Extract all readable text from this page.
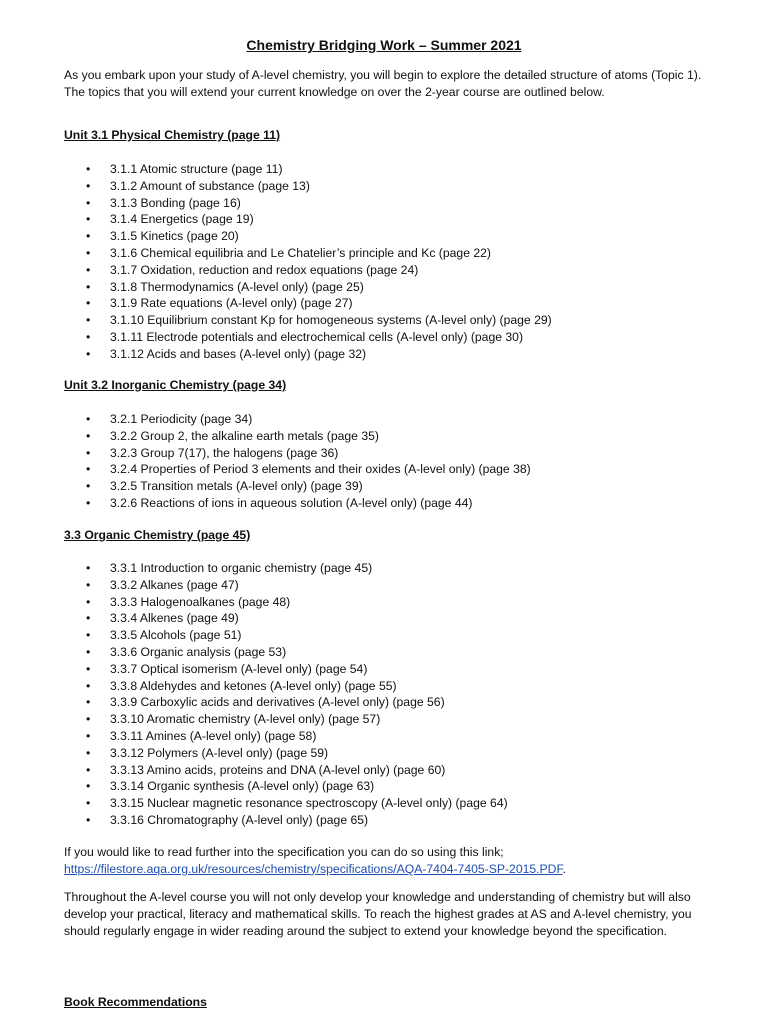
Chemistry Bridging Work – Summer 2021

As you embark upon your study of A-level chemistry, you will begin to explore the detailed structure of atoms (Topic 1). The topics that you will extend your current knowledge on over the 2-year course are outlined below.

Unit 3.1 Physical Chemistry (page 11)

• 3.1.1 Atomic structure (page 11)
• 3.1.2 Amount of substance (page 13)
• 3.1.3 Bonding (page 16)
• 3.1.4 Energetics (page 19)
• 3.1.5 Kinetics (page 20)
• 3.1.6 Chemical equilibria and Le Chatelier’s principle and Kc (page 22)
• 3.1.7 Oxidation, reduction and redox equations (page 24)
• 3.1.8 Thermodynamics (A-level only) (page 25)
• 3.1.9 Rate equations (A-level only) (page 27)
• 3.1.10 Equilibrium constant Kp for homogeneous systems (A-level only) (page 29)
• 3.1.11 Electrode potentials and electrochemical cells (A-level only) (page 30)
• 3.1.12 Acids and bases (A-level only) (page 32)

Unit 3.2 Inorganic Chemistry (page 34)

• 3.2.1 Periodicity (page 34)
• 3.2.2 Group 2, the alkaline earth metals (page 35)
• 3.2.3 Group 7(17), the halogens (page 36)
• 3.2.4 Properties of Period 3 elements and their oxides (A-level only) (page 38)
• 3.2.5 Transition metals (A-level only) (page 39)
• 3.2.6 Reactions of ions in aqueous solution (A-level only) (page 44)

3.3 Organic Chemistry (page 45)

• 3.3.1 Introduction to organic chemistry (page 45)
• 3.3.2 Alkanes (page 47)
• 3.3.3 Halogenoalkanes (page 48)
• 3.3.4 Alkenes (page 49)
• 3.3.5 Alcohols (page 51)
• 3.3.6 Organic analysis (page 53)
• 3.3.7 Optical isomerism (A-level only) (page 54)
• 3.3.8 Aldehydes and ketones (A-level only) (page 55)
• 3.3.9 Carboxylic acids and derivatives (A-level only) (page 56)
• 3.3.10 Aromatic chemistry (A-level only) (page 57)
• 3.3.11 Amines (A-level only) (page 58)
• 3.3.12 Polymers (A-level only) (page 59)
• 3.3.13 Amino acids, proteins and DNA (A-level only) (page 60)
• 3.3.14 Organic synthesis (A-level only) (page 63)
• 3.3.15 Nuclear magnetic resonance spectroscopy (A-level only) (page 64)
• 3.3.16 Chromatography (A-level only) (page 65)

If you would like to read further into the specification you can do so using this link;
https://filestore.aqa.org.uk/resources/chemistry/specifications/AQA-7404-7405-SP-2015.PDF.

Throughout the A-level course you will not only develop your knowledge and understanding of chemistry but will also develop your practical, literacy and mathematical skills. To reach the highest grades at AS and A-level chemistry, you should regularly engage in wider reading around the subject to extend your knowledge beyond the specification.

Book Recommendations
